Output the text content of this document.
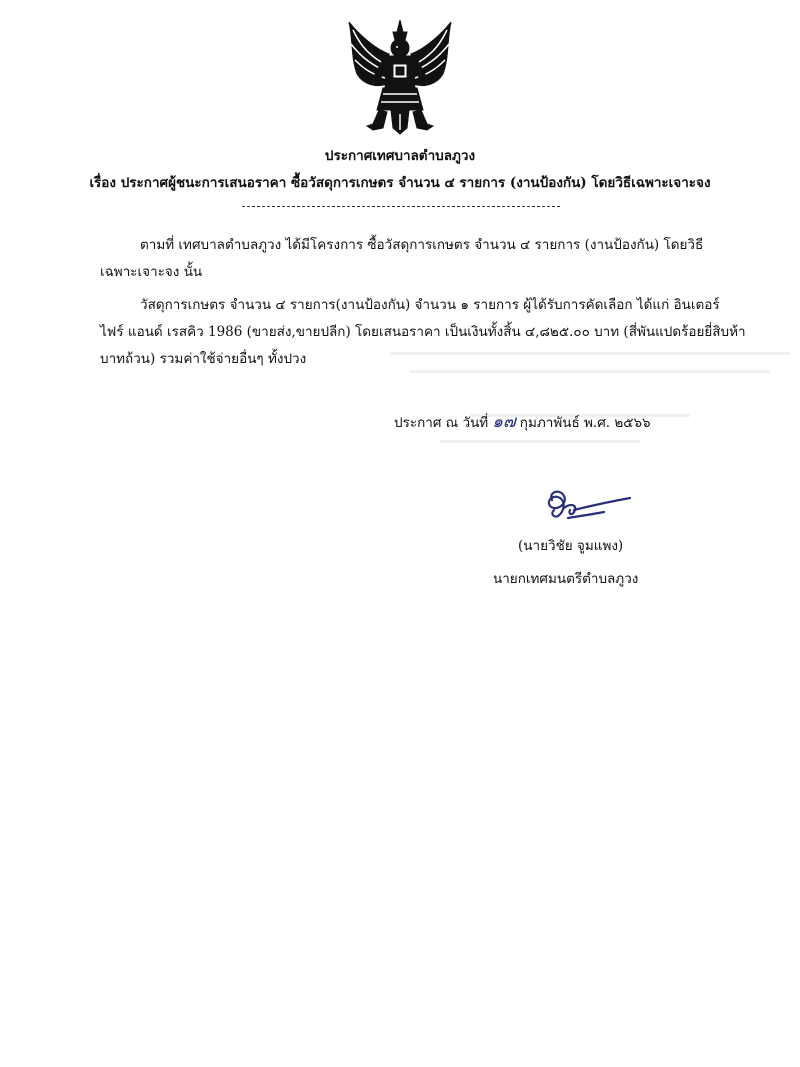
ประกาศเทศบาลตำบลภูวง
เรื่อง ประกาศผู้ชนะการเสนอราคา ซื้อวัสดุการเกษตร จำนวน ๔ รายการ (งานป้องกัน) โดยวิธีเฉพาะเจาะจง
ตามที่ เทศบาลตำบลภูวง ได้มีโครงการ ซื้อวัสดุการเกษตร จำนวน ๔ รายการ (งานป้องกัน) โดยวิธี
เฉพาะเจาะจง นั้น
วัสดุการเกษตร จำนวน ๔ รายการ(งานป้องกัน) จำนวน ๑ รายการ ผู้ได้รับการคัดเลือก ได้แก่ อินเตอร์
ไฟร์ แอนด์ เรสคิว 1986 (ขายส่ง,ขายปลีก) โดยเสนอราคา เป็นเงินทั้งสิ้น ๔,๘๒๕.๐๐ บาท (สี่พันแปดร้อยยี่สิบห้า
บาทถ้วน) รวมค่าใช้จ่ายอื่นๆ ทั้งปวง
ประกาศ ณ วันที่ ๑๗ กุมภาพันธ์ พ.ศ. ๒๕๖๖
(นายวิชัย จูมแพง)
นายกเทศมนตรีตำบลภูวง
